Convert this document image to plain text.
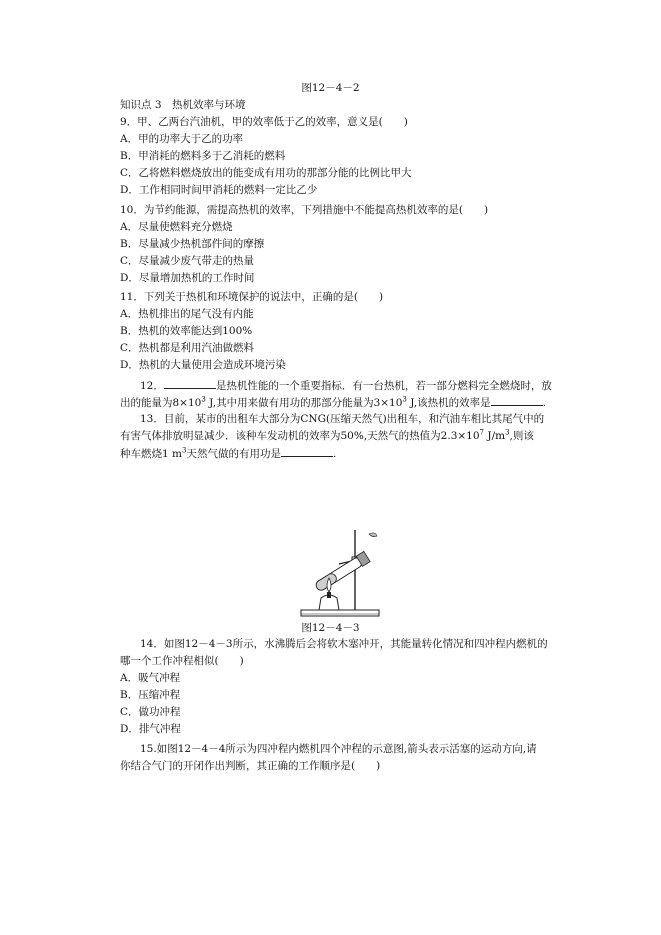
图12－4－2
知识点 3　热机效率与环境
9．甲、乙两台汽油机，甲的效率低于乙的效率，意义是(　　)
A．甲的功率大于乙的功率
B．甲消耗的燃料多于乙消耗的燃料
C．乙将燃料燃烧放出的能变成有用功的那部分能的比例比甲大
D．工作相同时间甲消耗的燃料一定比乙少
10．为节约能源，需提高热机的效率，下列措施中不能提高热机效率的是(　　)
A．尽量使燃料充分燃烧
B．尽量减少热机部件间的摩擦
C．尽量减少废气带走的热量
D．尽量增加热机的工作时间
11．下列关于热机和环境保护的说法中，正确的是(　　)
A．热机排出的尾气没有内能
B．热机的效率能达到100%
C．热机都是利用汽油做燃料
D．热机的大量使用会造成环境污染
12．	是热机性能的一个重要指标．有一台热机，若一部分燃料完全燃烧时，放
出的能量为$8\times 10^3$ J,其中用来做有用功的那部分能量为$3\times 10^3$ J,该热机的效率是	.
13．目前，某市的出租车大部分为CNG(压缩天然气)出租车，和汽油车相比其尾气中的
有害气体排放明显减少．该种车发动机的效率为50%,天然气的热值为$2.3\times 10^7$ $J/m^3$,则该
种车燃烧1 $m^3$天然气做的有用功是	.
图12－4－3
14．如图12－4－3所示，水沸腾后会将软木塞冲开，其能量转化情况和四冲程内燃机的
哪一个工作冲程相似(　　)
A．吸气冲程
B．压缩冲程
C．做功冲程
D．排气冲程
15.如图12－4－4所示为四冲程内燃机四个冲程的示意图,箭头表示活塞的运动方向,请
你结合气门的开闭作出判断，其正确的工作顺序是(　　)
